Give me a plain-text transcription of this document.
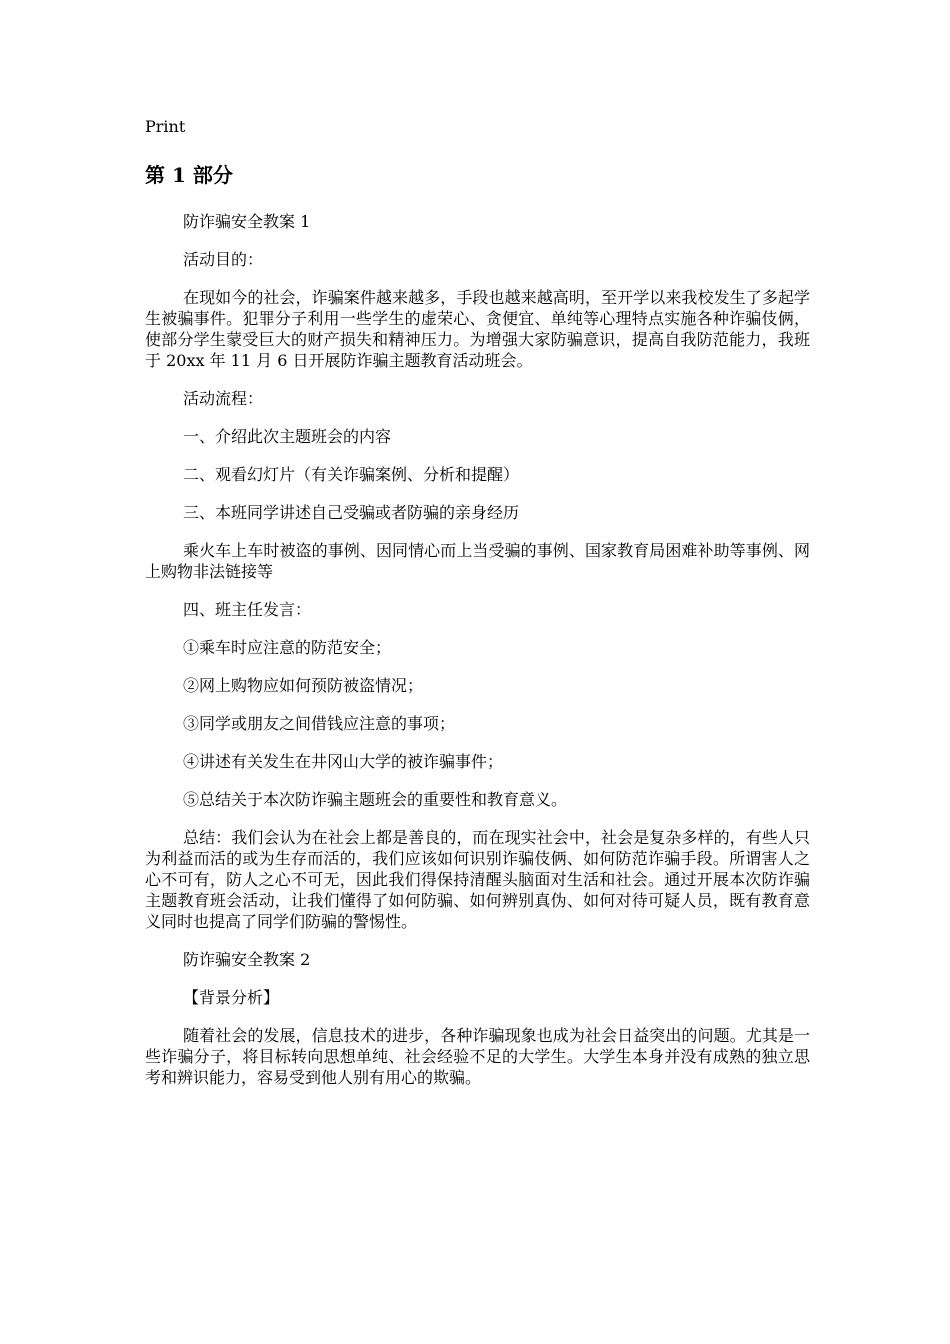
Print
第 1 部分

防诈骗安全教案 1

活动目的：

在现如今的社会，诈骗案件越来越多，手段也越来越高明，至开学以来我校发生了多起学生被骗事件。犯罪分子利用一些学生的虚荣心、贪便宜、单纯等心理特点实施各种诈骗伎俩，使部分学生蒙受巨大的财产损失和精神压力。为增强大家防骗意识，提高自我防范能力，我班于 20xx 年 11 月 6 日开展防诈骗主题教育活动班会。

活动流程：

一、介绍此次主题班会的内容

二、观看幻灯片（有关诈骗案例、分析和提醒）

三、本班同学讲述自己受骗或者防骗的亲身经历

乘火车上车时被盗的事例、因同情心而上当受骗的事例、国家教育局困难补助等事例、网上购物非法链接等

四、班主任发言：

①乘车时应注意的防范安全；

②网上购物应如何预防被盗情况；

③同学或朋友之间借钱应注意的事项；

④讲述有关发生在井冈山大学的被诈骗事件；

⑤总结关于本次防诈骗主题班会的重要性和教育意义。

总结：我们会认为在社会上都是善良的，而在现实社会中，社会是复杂多样的，有些人只为利益而活的或为生存而活的，我们应该如何识别诈骗伎俩、如何防范诈骗手段。所谓害人之心不可有，防人之心不可无，因此我们得保持清醒头脑面对生活和社会。通过开展本次防诈骗主题教育班会活动，让我们懂得了如何防骗、如何辨别真伪、如何对待可疑人员，既有教育意义同时也提高了同学们防骗的警惕性。

防诈骗安全教案 2

【背景分析】

随着社会的发展，信息技术的进步，各种诈骗现象也成为社会日益突出的问题。尤其是一些诈骗分子，将目标转向思想单纯、社会经验不足的大学生。大学生本身并没有成熟的独立思考和辨识能力，容易受到他人别有用心的欺骗。
